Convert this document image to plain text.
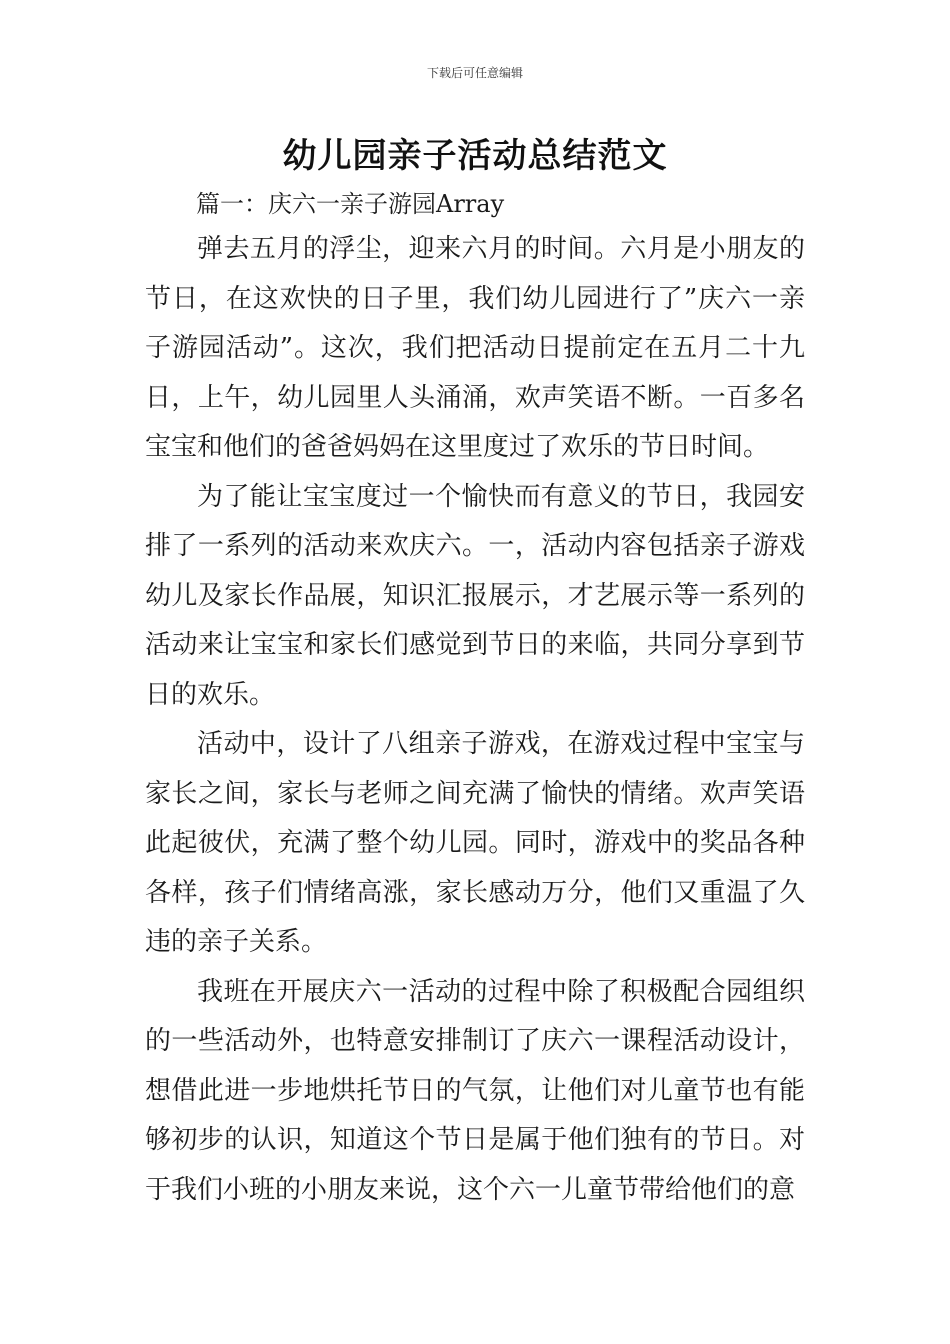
下载后可任意编辑
幼儿园亲子活动总结范文
篇一：庆六一亲子游园Array

弹去五月的浮尘，迎来六月的时间。六月是小朋友的节日，在这欢快的日子里，我们幼儿园进行了”庆六一亲子游园活动”。这次，我们把活动日提前定在五月二十九日，上午，幼儿园里人头涌涌，欢声笑语不断。一百多名宝宝和他们的爸爸妈妈在这里度过了欢乐的节日时间。

为了能让宝宝度过一个愉快而有意义的节日，我园安排了一系列的活动来欢庆六。一，活动内容包括亲子游戏幼儿及家长作品展，知识汇报展示，才艺展示等一系列的活动来让宝宝和家长们感觉到节日的来临，共同分享到节日的欢乐。

活动中，设计了八组亲子游戏，在游戏过程中宝宝与家长之间，家长与老师之间充满了愉快的情绪。欢声笑语此起彼伏，充满了整个幼儿园。同时，游戏中的奖品各种各样，孩子们情绪高涨，家长感动万分，他们又重温了久违的亲子关系。

我班在开展庆六一活动的过程中除了积极配合园组织的一些活动外，也特意安排制订了庆六一课程活动设计，想借此进一步地烘托节日的气氛，让他们对儿童节也有能够初步的认识，知道这个节日是属于他们独有的节日。对于我们小班的小朋友来说，这个六一儿童节带给他们的意
